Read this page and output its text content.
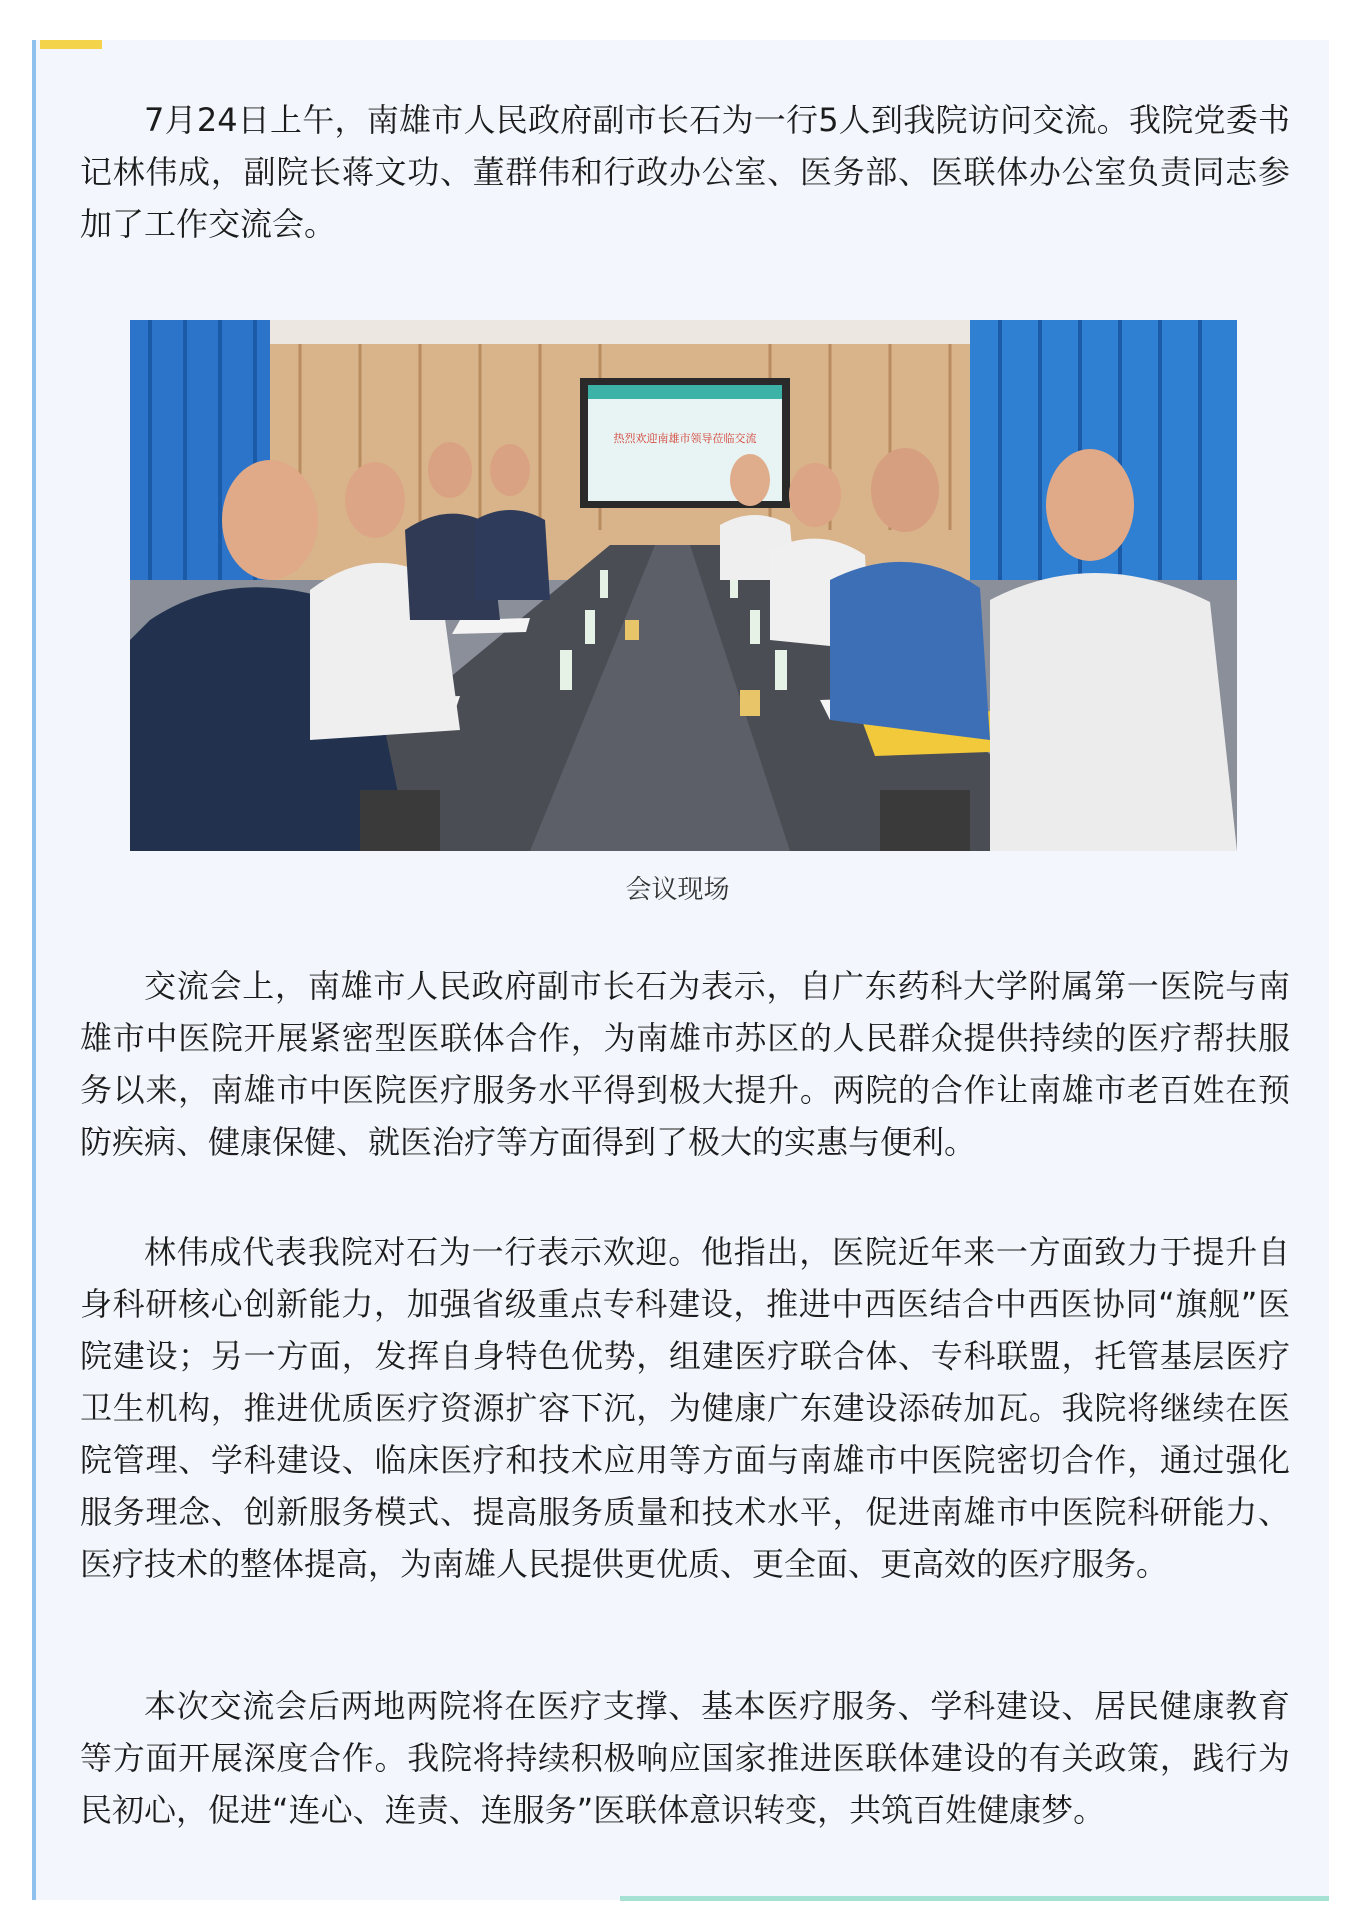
7月24日上午，南雄市人民政府副市长石为一行5人到我院访问交流。我院党委书记林伟成，副院长蒋文功、董群伟和行政办公室、医务部、医联体办公室负责同志参加了工作交流会。

热烈欢迎南雄市领导莅临交流

会议现场

交流会上，南雄市人民政府副市长石为表示，自广东药科大学附属第一医院与南雄市中医院开展紧密型医联体合作，为南雄市苏区的人民群众提供持续的医疗帮扶服务以来，南雄市中医院医疗服务水平得到极大提升。两院的合作让南雄市老百姓在预防疾病、健康保健、就医治疗等方面得到了极大的实惠与便利。

林伟成代表我院对石为一行表示欢迎。他指出，医院近年来一方面致力于提升自身科研核心创新能力，加强省级重点专科建设，推进中西医结合中西医协同“旗舰”医院建设；另一方面，发挥自身特色优势，组建医疗联合体、专科联盟，托管基层医疗卫生机构，推进优质医疗资源扩容下沉，为健康广东建设添砖加瓦。我院将继续在医院管理、学科建设、临床医疗和技术应用等方面与南雄市中医院密切合作，通过强化服务理念、创新服务模式、提高服务质量和技术水平，促进南雄市中医院科研能力、医疗技术的整体提高，为南雄人民提供更优质、更全面、更高效的医疗服务。

本次交流会后两地两院将在医疗支撑、基本医疗服务、学科建设、居民健康教育等方面开展深度合作。我院将持续积极响应国家推进医联体建设的有关政策，践行为民初心，促进“连心、连责、连服务”医联体意识转变，共筑百姓健康梦。
